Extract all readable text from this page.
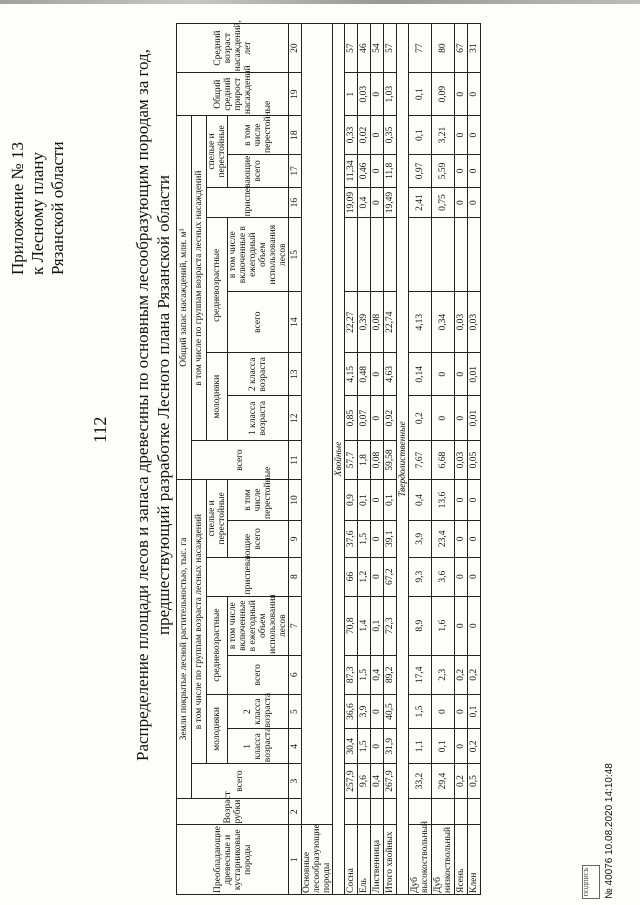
112
Приложение № 13 к Лесному плану Рязанской области	Распределение площади лесов и запаса древесины по основным лесообразующим породам за год, предшествующий разработке Лесного плана Рязанской области
Преобладающие древесные и кустарниковые породы	Возраст рубки	Земли покрытые лесной растительностью, тыс. га								Общий запас насаждений, млн. м³								Общий средний прирост насаждений	Средний возраст насаждений, лет
		всего	в том числе по группам возраста лесных насаждений							всего	в том числе по группам возраста лесных насаждений								
			молодняки		средневозрастные		приспевающие	спелые и перестойные			молодняки		средневозрастные		приспевающие	спелые и перестойные			
			1 класса возраста	2 класса возраста	всего	в том числе включенные в ежегодный объем использования лесов		всего	в том числе перестойные		1 класса возраста	2 класса возраста	всего	в том числе включенные в ежегодный объем использования лесов		всего	в том числе перестойные		
1	2	3	4	5	6	7	8	9	10	11	12	13	14	15	16	17	18	19	20
Основные лесообразующие породы																			
Хвойные																			
Сосна		257,9	30,4	36,6	87,3	70,8	66	37,6	0,9	57,7	0,85	4,15	22,27		19,09	11,34	0,33	1	57
Ель		9,6	1,5	3,9	1,5	1,4	1,2	1,5	0,1	1,8	0,07	0,48	0,39		0,4	0,46	0,02	0,03	46
Лиственница		0,4	0	0	0,4	0,1	0	0	0	0,08	0	0	0,08		0	0	0	0	54
Итого хвойных		267,9	31,9	40,5	89,2	72,3	67,2	39,1	0,1	59,58	0,92	4,63	22,74		19,49	11,8	0,35	1,03	57
Твердолиственные																			
Дуб высокоствольный		33,2	1,1	1,5	17,4	8,9	9,3	3,9	0,4	7,67	0,2	0,14	4,13		2,41	0,97	0,1	0,1	77
Дуб низкоствольный		29,4	0,1	0	2,3	1,6	3,6	23,4	13,6	6,68	0	0	0,34		0,75	5,59	3,21	0,09	80
Ясень		0,2	0	0	0,2	0	0	0	0	0,03	0	0	0,03		0	0	0	0	67
Клен		0,5	0,2	0,1	0,2	0	0	0	0	0,05	0,01	0,01	0,03		0	0	0	0	31
ПОДПИСЬ	№ 40076 10.08.2020 14:10:48
